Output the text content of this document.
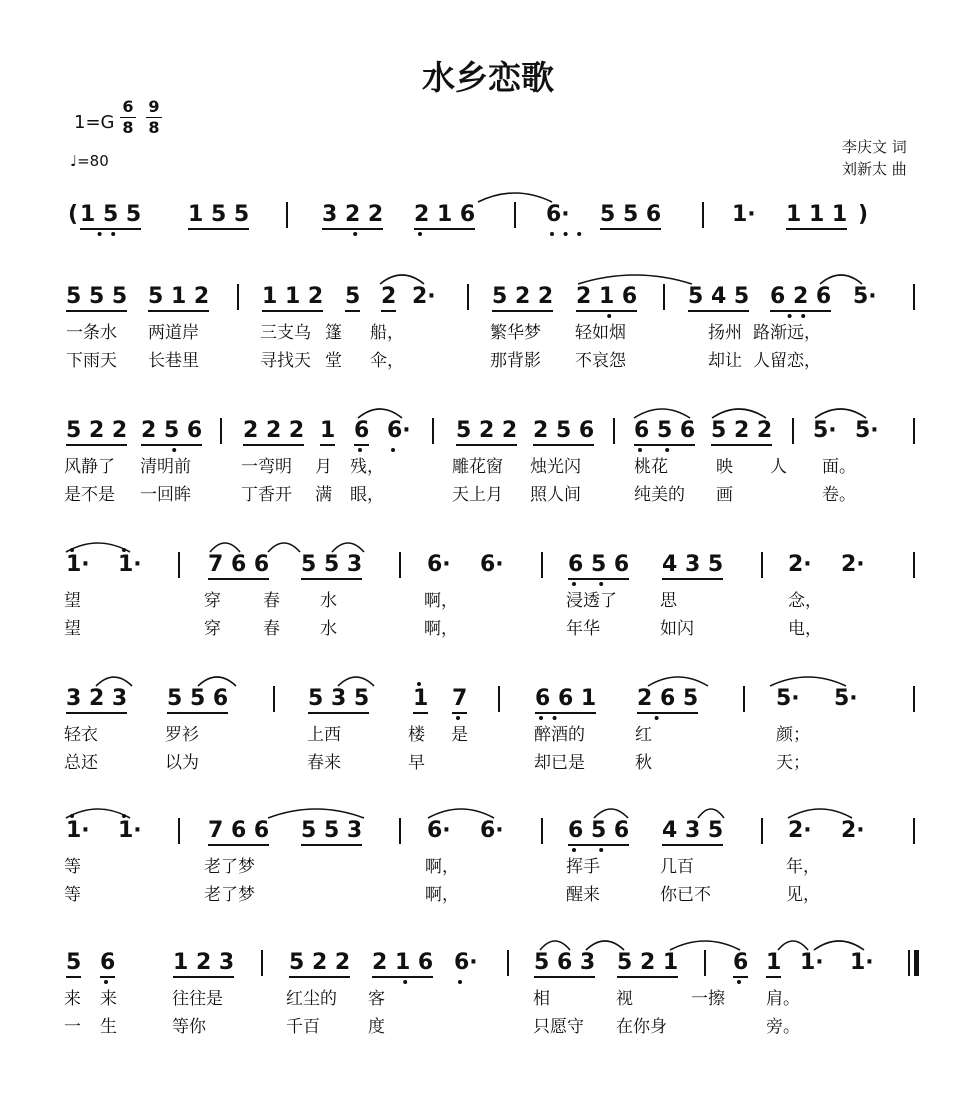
水乡恋歌
1=G
6
8
9
8
♩=80
李庆文 词
刘新太 曲
( 1 5 5 1 5 5	3 2 2 2 1 6	6· 5 5 6	1· 1 1 1 )
5 5 5 5 1 2 1 1 2 5 2 2·	5 2 2 2 1 6 5 4 5 6 2 6 5·
一条水 两道岸	三支乌 篷 船，	繁华梦 轻如烟	扬州 路渐远，
下雨天 长巷里	寻找天 堂 伞，	那背影 不哀怨	却让 人留恋，
5 2 2 2 5 6 2 2 2 1 6 6· 5 2 2 2 5 6 6 5 6 5 2 2 5· 5·
风静了 清明前	一弯明 月 残，	雕花窗 烛光闪	桃花	映 人 面。
是不是 一回眸	丁香开 满 眼，	天上月 照人间	纯美的 画	卷。
1· 1·	7 6 6 5 5 3	6· 6·	6 5 6 4 3 5	2· 2·
望	穿 春 水	啊，	浸透了	思	念，
望	穿 春 水	啊，	年华	如闪	电，
3 2 3 5 5 6	5 3 5 1 7	6 6 1 2 6 5	5· 5·
轻衣	罗衫	上西	楼 是	醉酒的	红	颜；
总还	以为	春来	早	却已是	秋	天；
1· 1·	7 6 6 5 5 3	6· 6·	6 5 6 4 3 5	2· 2·
等	老了梦	啊，	挥手	几百	年，
等	老了梦	啊，	醒来	你已不	见，
5 6	1 2 3 5 2 2 2 1 6 6·	5 6 3 5 2 1 6 1 1· 1·
来 来	往往是	红尘的 客	相	视	一擦 肩。
一 生	等你	千百	度	只愿守 在你身	旁。
